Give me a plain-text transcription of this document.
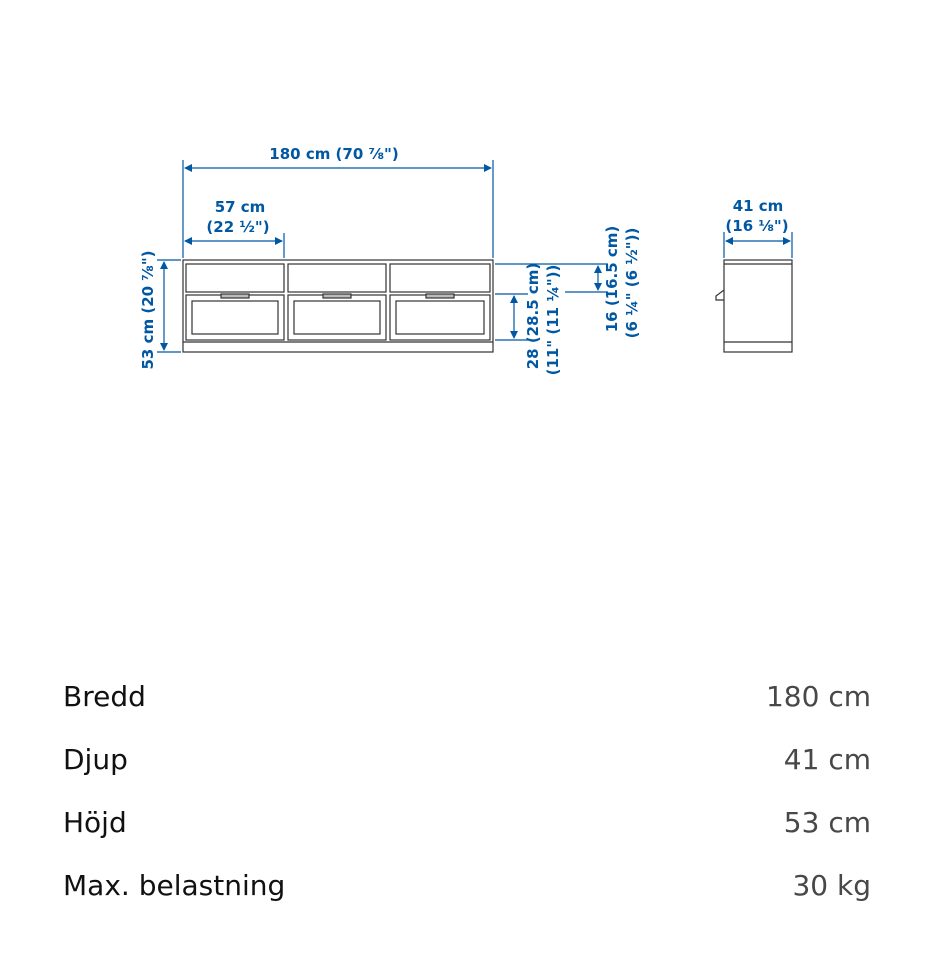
180 cm (70 ⅞")
57 cm
(22 ½")
53 cm (20 ⅞")	28 (28.5 cm) (11" (11 ¼"))	16 (16.5 cm) (6 ¼" (6 ½"))
41 cm
(16 ⅛")
Bredd	180 cm
Djup	41 cm
Höjd	53 cm
Max. belastning	30 kg
